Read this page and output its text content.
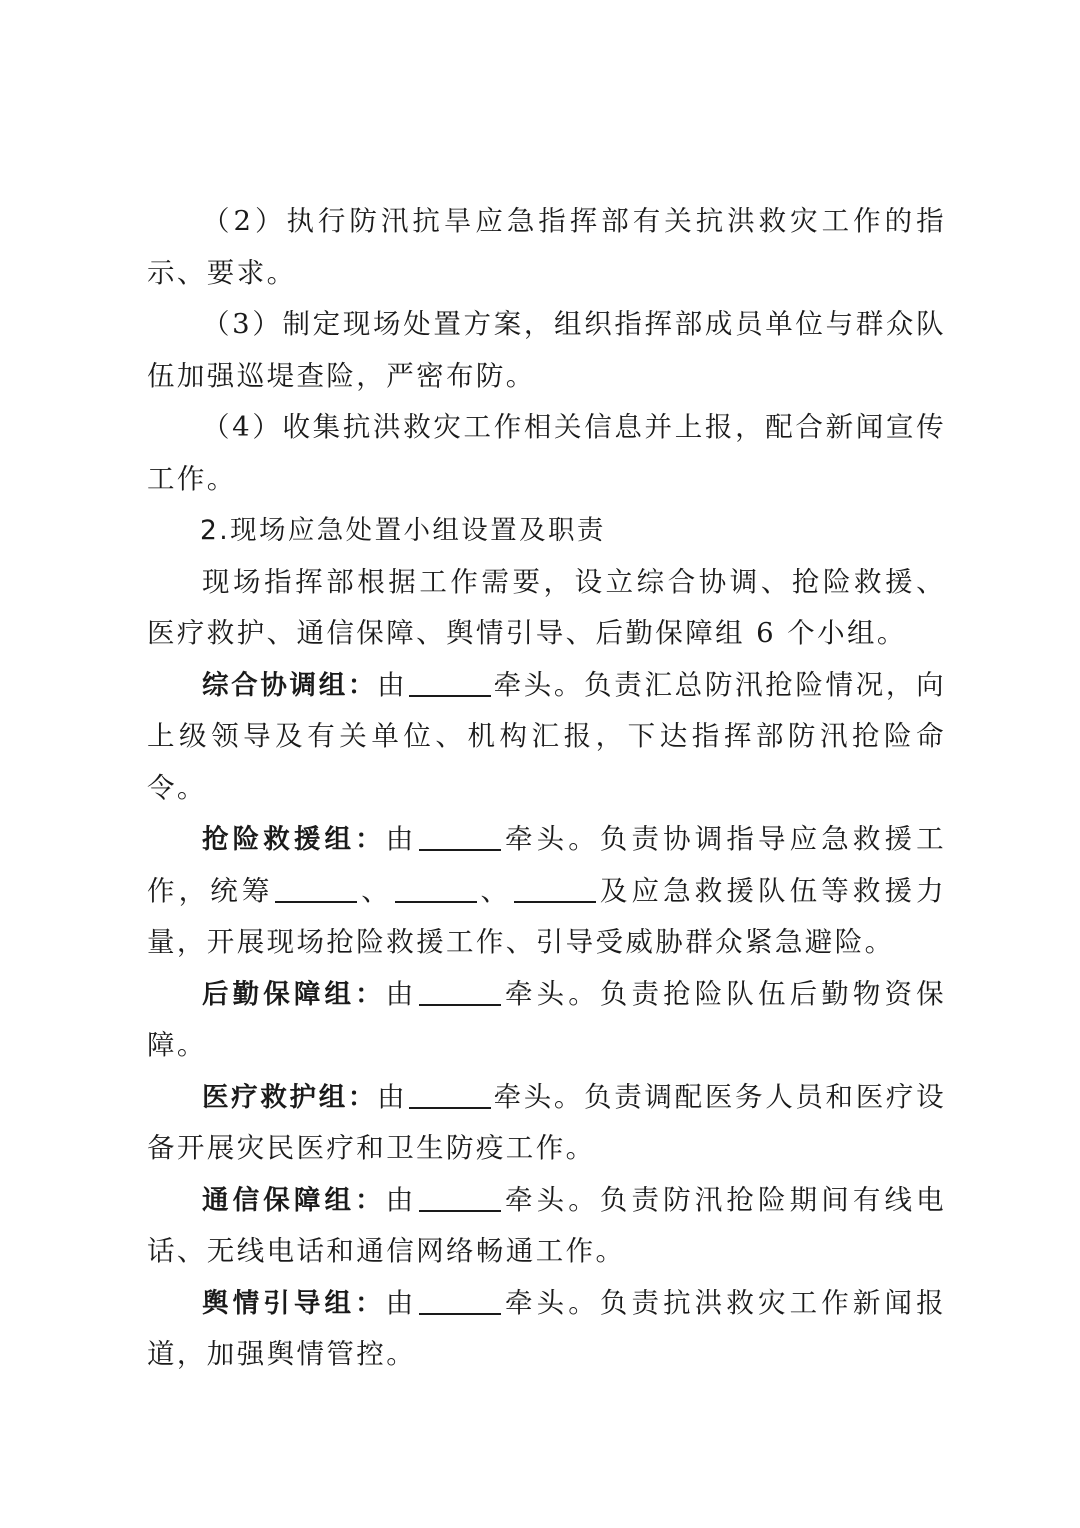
（2）执行防汛抗旱应急指挥部有关抗洪救灾工作的指示、要求。

（3）制定现场处置方案，组织指挥部成员单位与群众队伍加强巡堤查险，严密布防。

（4）收集抗洪救灾工作相关信息并上报，配合新闻宣传工作。

2.现场应急处置小组设置及职责

现场指挥部根据工作需要，设立综合协调、抢险救援、医疗救护、通信保障、舆情引导、后勤保障组 6 个小组。

综合协调组：由	牵头。负责汇总防汛抢险情况，向上级领导及有关单位、机构汇报，下达指挥部防汛抢险命令。

抢险救援组：由	牵头。负责协调指导应急救援工作，统筹	、	、	及应急救援队伍等救援力量，开展现场抢险救援工作、引导受威胁群众紧急避险。

后勤保障组：由	牵头。负责抢险队伍后勤物资保障。

医疗救护组：由	牵头。负责调配医务人员和医疗设备开展灾民医疗和卫生防疫工作。

通信保障组：由	牵头。负责防汛抢险期间有线电话、无线电话和通信网络畅通工作。

舆情引导组：由	牵头。负责抗洪救灾工作新闻报道，加强舆情管控。
